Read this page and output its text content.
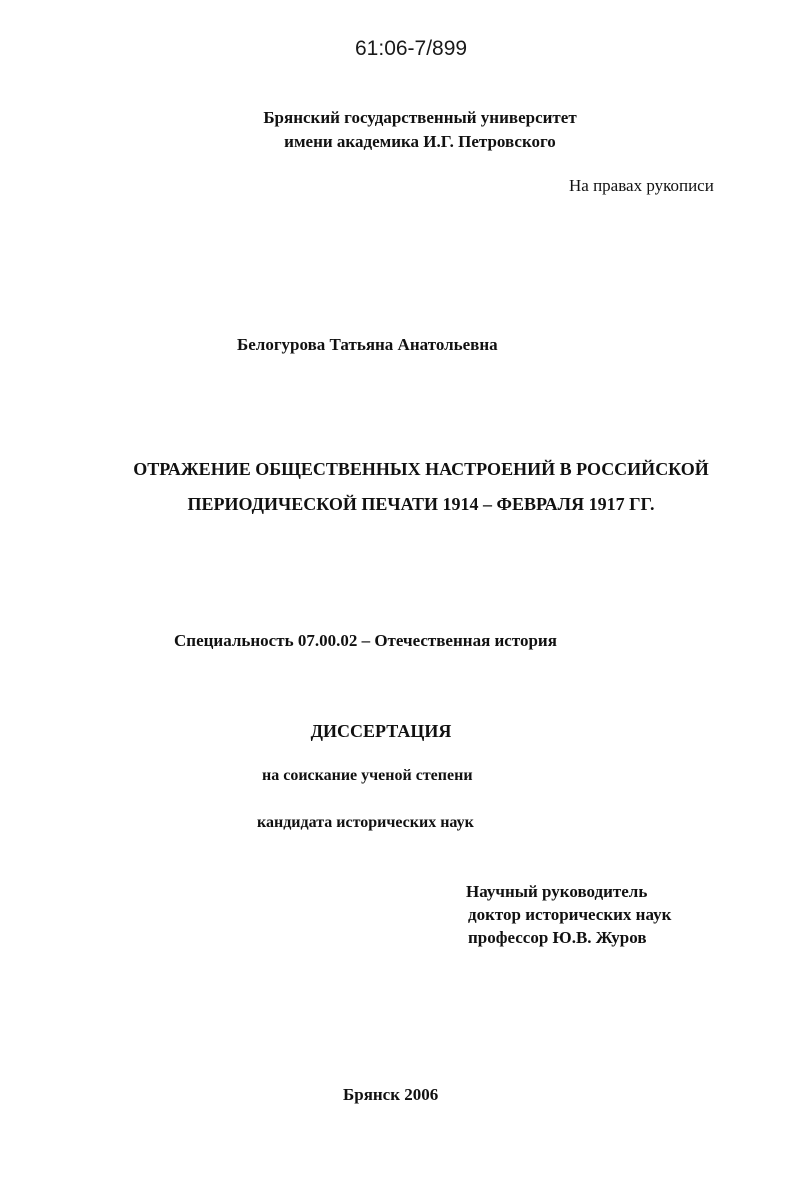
61:06-7/899
Брянский государственный университет
имени академика И.Г. Петровского
На правах рукописи
Белогурова Татьяна Анатольевна
ОТРАЖЕНИЕ ОБЩЕСТВЕННЫХ НАСТРОЕНИЙ В РОССИЙСКОЙ
ПЕРИОДИЧЕСКОЙ ПЕЧАТИ 1914 – ФЕВРАЛЯ 1917 ГГ.
Специальность 07.00.02 – Отечественная история
ДИССЕРТАЦИЯ
на соискание ученой степени
кандидата исторических наук
Научный руководитель
доктор исторических наук
профессор Ю.В. Журов
Брянск 2006
